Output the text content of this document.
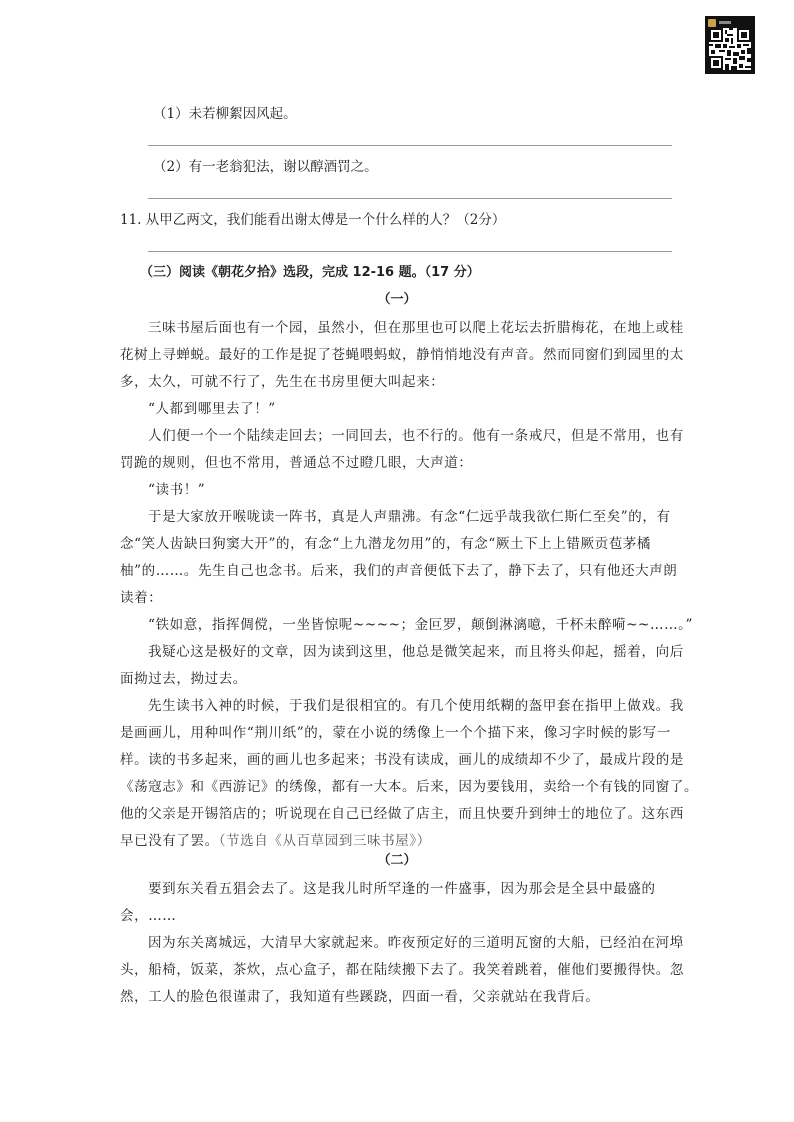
（1）未若柳絮因风起。
（2）有一老翁犯法，谢以醇酒罚之。
11. 从甲乙两文，我们能看出谢太傅是一个什么样的人？（2分）
（三）阅读《朝花夕拾》选段，完成 12-16 题。（17 分）
（一）
三味书屋后面也有一个园，虽然小，但在那里也可以爬上花坛去折腊梅花，在地上或桂
花树上寻蝉蜕。最好的工作是捉了苍蝇喂蚂蚁，静悄悄地没有声音。然而同窗们到园里的太
多，太久，可就不行了，先生在书房里便大叫起来：
“人都到哪里去了！”
人们便一个一个陆续走回去；一同回去，也不行的。他有一条戒尺，但是不常用，也有
罚跪的规则，但也不常用，普通总不过瞪几眼，大声道：
“读书！”
于是大家放开喉咙读一阵书，真是人声鼎沸。有念“仁远乎哉我欲仁斯仁至矣”的，有
念“笑人齿缺曰狗窦大开”的，有念“上九潜龙勿用”的，有念“厥土下上上错厥贡苞茅橘
柚”的……。先生自己也念书。后来，我们的声音便低下去了，静下去了，只有他还大声朗
读着：
“铁如意，指挥倜傥，一坐皆惊呢~~~~；金叵罗，颠倒淋漓噫，千杯未醉嗬~~……。”
我疑心这是极好的文章，因为读到这里，他总是微笑起来，而且将头仰起，摇着，向后
面拗过去，拗过去。
先生读书入神的时候，于我们是很相宜的。有几个使用纸糊的盔甲套在指甲上做戏。我
是画画儿，用种叫作“荆川纸”的，蒙在小说的绣像上一个个描下来，像习字时候的影写一
样。读的书多起来，画的画儿也多起来；书没有读成，画儿的成绩却不少了，最成片段的是
《荡寇志》和《西游记》的绣像，都有一大本。后来，因为要钱用，卖给一个有钱的同窗了。
他的父亲是开锡箔店的；听说现在自己已经做了店主，而且快要升到绅士的地位了。这东西
早已没有了罢。（节选自《从百草园到三味书屋》）
（二）
要到东关看五猖会去了。这是我儿时所罕逢的一件盛事，因为那会是全县中最盛的
会，……
因为东关离城远，大清早大家就起来。昨夜预定好的三道明瓦窗的大船，已经泊在河埠
头，船椅，饭菜，茶炊，点心盒子，都在陆续搬下去了。我笑着跳着，催他们要搬得快。忽
然，工人的脸色很谨肃了，我知道有些蹊跷，四面一看，父亲就站在我背后。
